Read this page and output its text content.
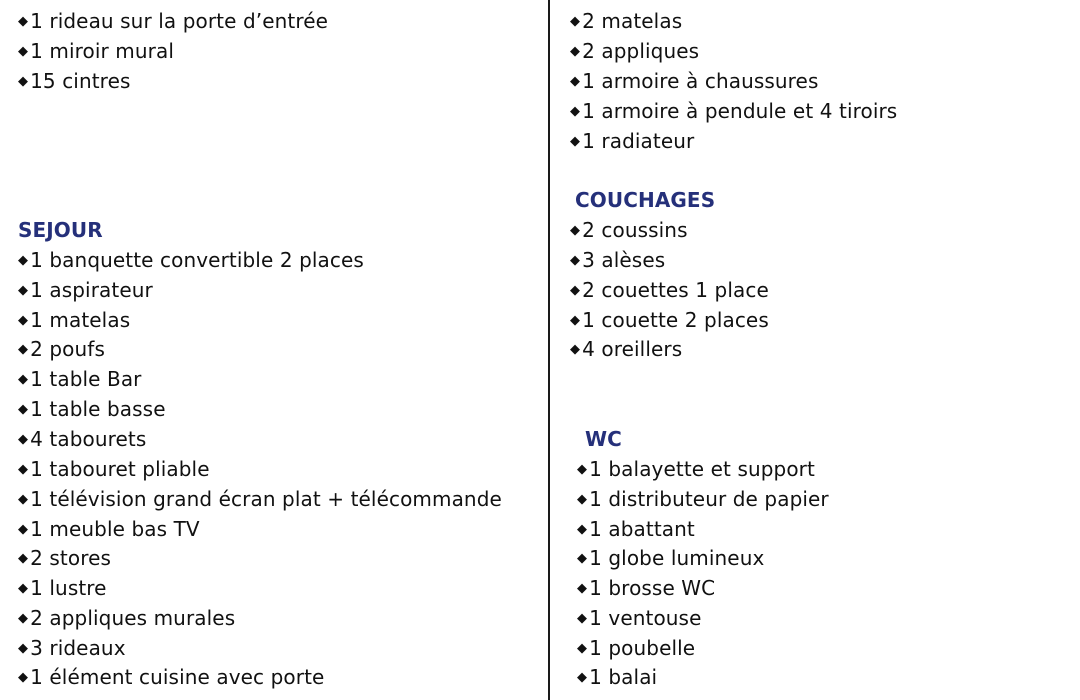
◆ 1 rideau sur la porte d’entrée
◆ 1 miroir mural
◆ 15 cintres
SEJOUR
◆ 1 banquette convertible 2 places
◆ 1 aspirateur
◆ 1 matelas
◆ 2 poufs
◆ 1 table Bar
◆ 1 table basse
◆ 4 tabourets
◆ 1 tabouret pliable
◆ 1 télévision grand écran plat + télécommande
◆ 1 meuble bas TV
◆ 2 stores
◆ 1 lustre
◆ 2 appliques murales
◆ 3 rideaux
◆ 1 élément cuisine avec porte
◆ 2 matelas
◆ 2 appliques
◆ 1 armoire à chaussures
◆ 1 armoire à pendule et 4 tiroirs
◆ 1 radiateur
COUCHAGES
◆ 2 coussins
◆ 3 alèses
◆ 2 couettes 1 place
◆ 1 couette 2 places
◆ 4 oreillers
WC
◆ 1 balayette et support
◆ 1 distributeur de papier
◆ 1 abattant
◆ 1 globe lumineux
◆ 1 brosse WC
◆ 1 ventouse
◆ 1 poubelle
◆ 1 balai
